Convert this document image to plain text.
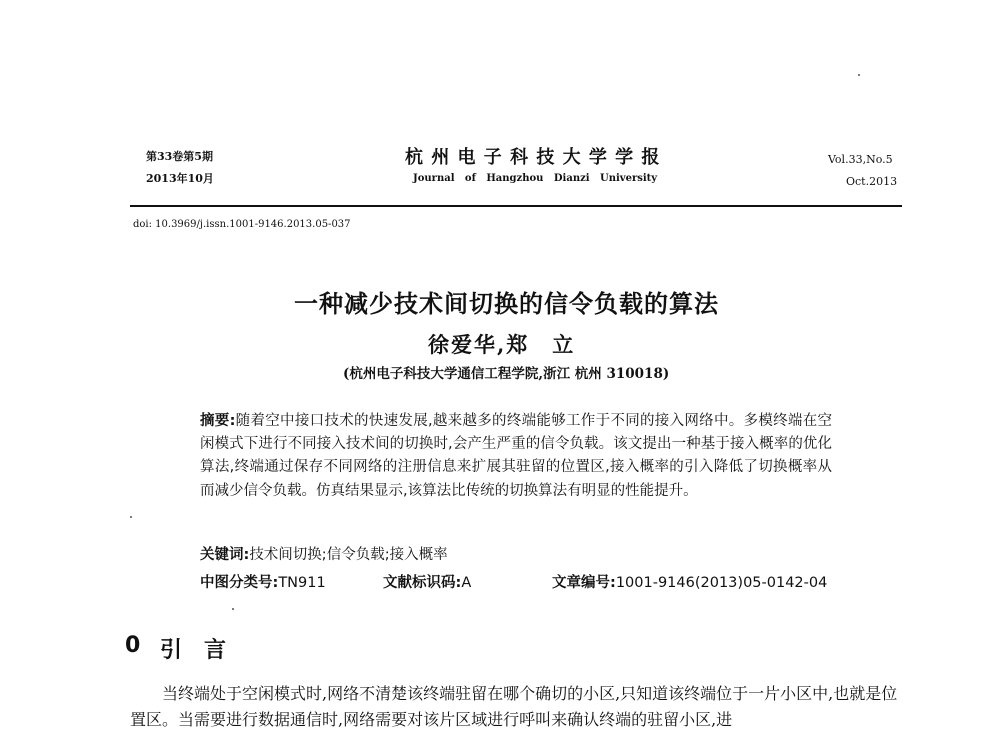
第33卷第5期
2013年10月
杭 州 电 子 科 技 大 学 学 报
Journal   of   Hangzhou   Dianzi   University
Vol.33,No.5
Oct.2013
doi: 10.3969/j.issn.1001-9146.2013.05-037
一种减少技术间切换的信令负载的算法
徐爱华,郑　立
(杭州电子科技大学通信工程学院,浙江 杭州 310018)
摘要:随着空中接口技术的快速发展,越来越多的终端能够工作于不同的接入网络中。多模终端在空闲模式下进行不同接入技术间的切换时,会产生严重的信令负载。该文提出一种基于接入概率的优化算法,终端通过保存不同网络的注册信息来扩展其驻留的位置区,接入概率的引入降低了切换概率从而减少信令负载。仿真结果显示,该算法比传统的切换算法有明显的性能提升。
关键词:技术间切换;信令负载;接入概率
中图分类号:TN911	文献标识码:A	文章编号:1001-9146(2013)05-0142-04
0 引　言
当终端处于空闲模式时,网络不清楚该终端驻留在哪个确切的小区,只知道该终端位于一片小区中,也就是位置区。当需要进行数据通信时,网络需要对该片区域进行呼叫来确认终端的驻留小区,进
